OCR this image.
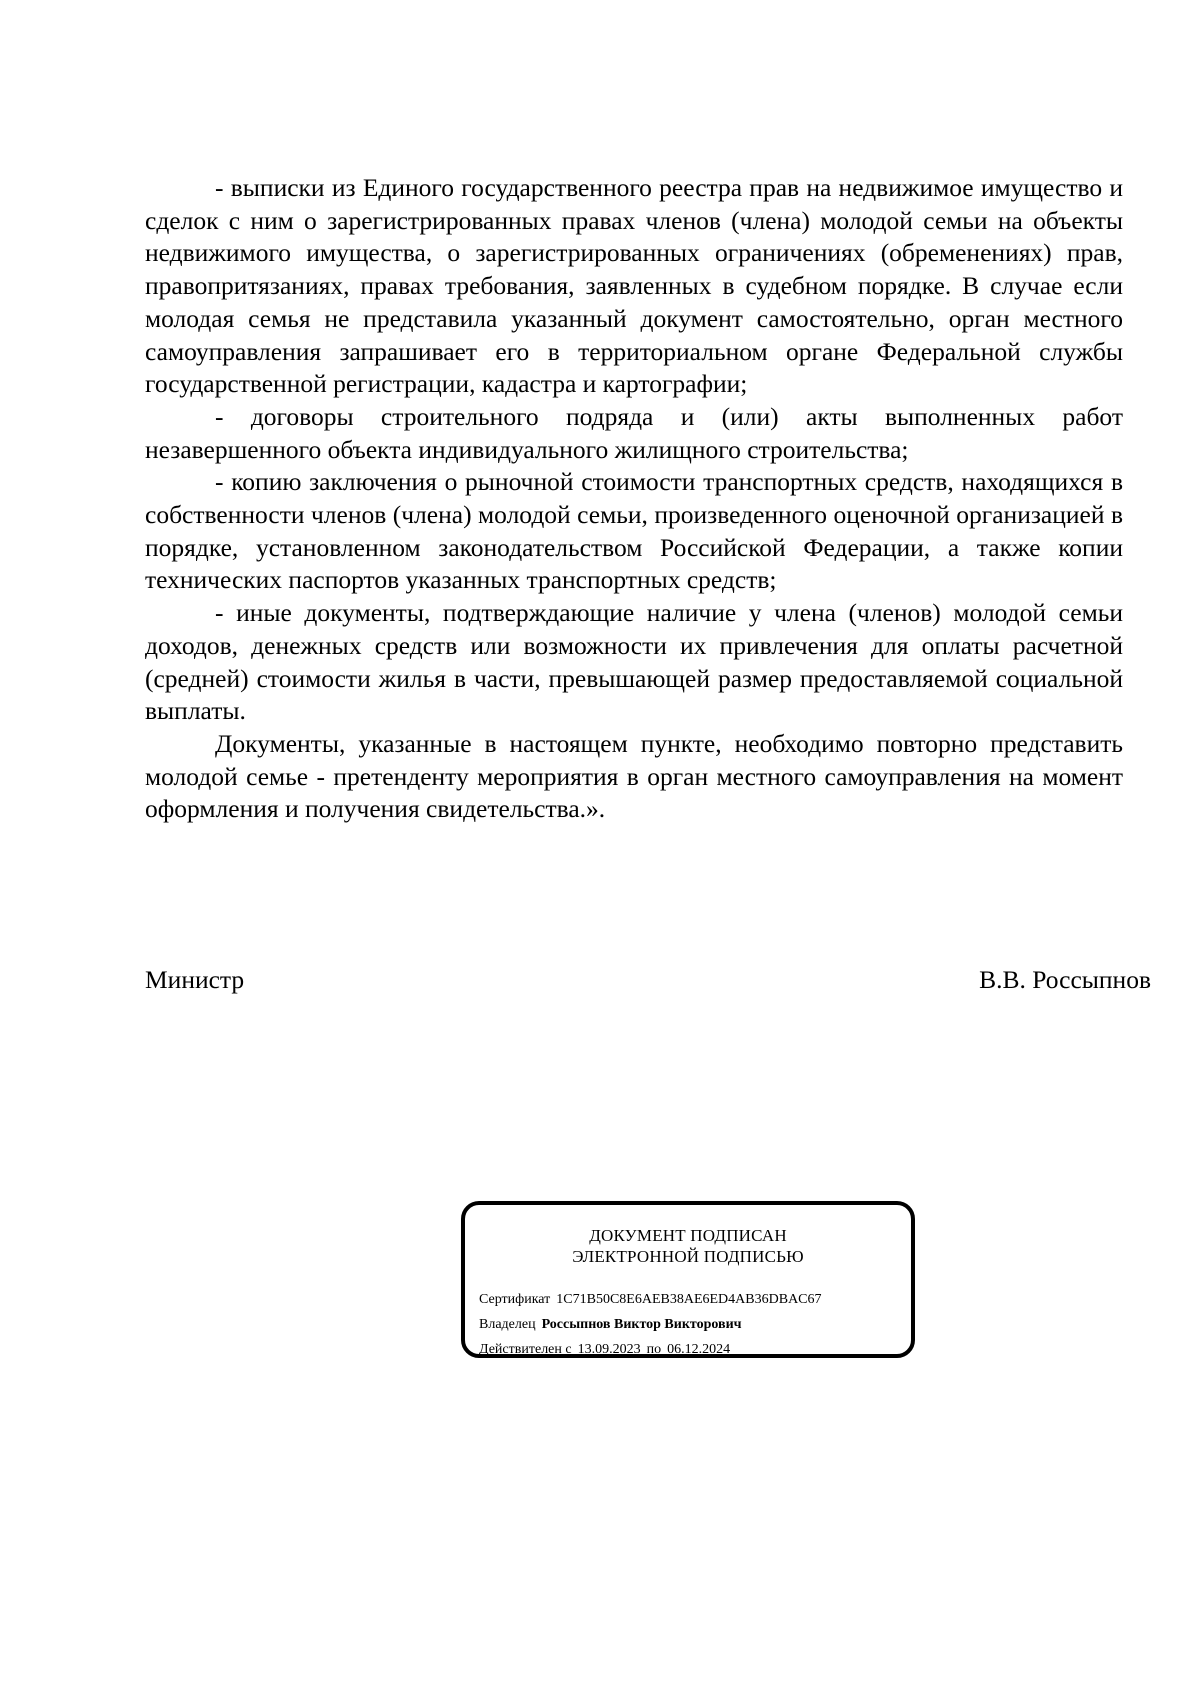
- выписки из Единого государственного реестра прав на недвижимое имущество и сделок с ним о зарегистрированных правах членов (члена) молодой семьи на объекты недвижимого имущества, о зарегистрированных ограничениях (обременениях) прав, правопритязаниях, правах требования, заявленных в судебном порядке. В случае если молодая семья не представила указанный документ самостоятельно, орган местного самоуправления запрашивает его в территориальном органе Федеральной службы государственной регистрации, кадастра и картографии;

- договоры строительного подряда и (или) акты выполненных работ незавершенного объекта индивидуального жилищного строительства;

- копию заключения о рыночной стоимости транспортных средств, находящихся в собственности членов (члена) молодой семьи, произведенного оценочной организацией в порядке, установленном законодательством Российской Федерации, а также копии технических паспортов указанных транспортных средств;

- иные документы, подтверждающие наличие у члена (членов) молодой семьи доходов, денежных средств или возможности их привлечения для оплаты расчетной (средней) стоимости жилья в части, превышающей размер предоставляемой социальной выплаты.

Документы, указанные в настоящем пункте, необходимо повторно представить молодой семье - претенденту мероприятия в орган местного самоуправления на момент оформления и получения свидетельства.».

Министр	В.В. Россыпнов
ДОКУМЕНТ ПОДПИСАН
ЭЛЕКТРОННОЙ ПОДПИСЬЮ
Сертификат 1C71B50C8E6AEB38AE6ED4AB36DBAC67
Владелец Россыпнов Виктор Викторович
Действителен с 13.09.2023 по 06.12.2024
